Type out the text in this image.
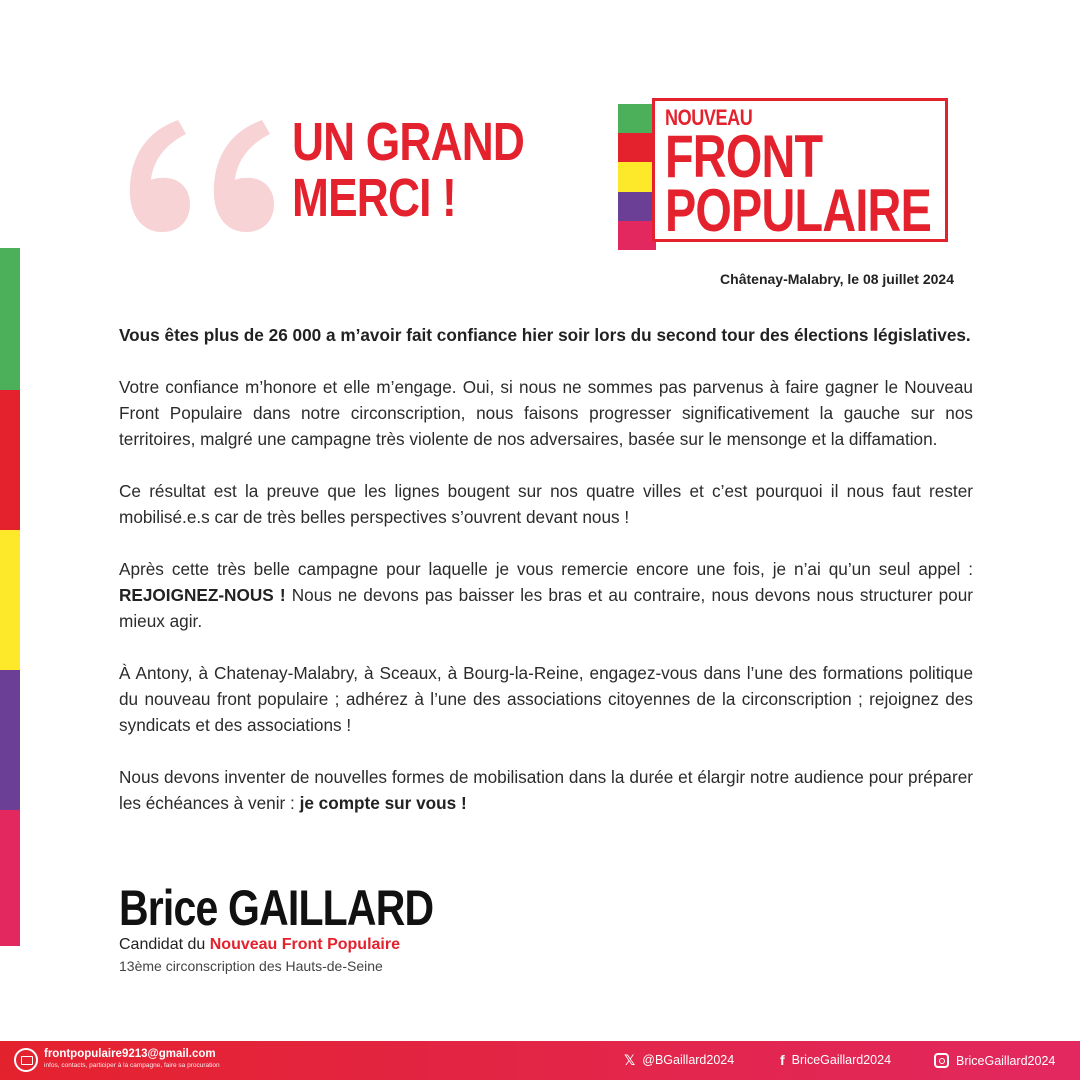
UN GRAND
MERCI !
NOUVEAU
FRONT
POPULAIRE
Châtenay-Malabry, le 08 juillet 2024

Vous êtes plus de 26 000 a m’avoir fait confiance hier soir lors du second tour des élections législatives.

Votre confiance m’honore et elle m’engage. Oui, si nous ne sommes pas parvenus à faire gagner le Nouveau Front Populaire dans notre circonscription, nous faisons progresser significativement la gauche sur nos territoires, malgré une campagne très violente de nos adversaires, basée sur le mensonge et la diffamation.

Ce résultat est la preuve que les lignes bougent sur nos quatre villes et c’est pourquoi il nous faut rester mobilisé.e.s car de très belles perspectives s’ouvrent devant nous !

Après cette très belle campagne pour laquelle je vous remercie encore une fois, je n’ai qu’un seul appel : REJOIGNEZ-NOUS ! Nous ne devons pas baisser les bras et au contraire, nous devons nous structurer pour mieux agir.

À Antony, à Chatenay-Malabry, à Sceaux, à Bourg-la-Reine, engagez-vous dans l’une des formations politique du nouveau front populaire ; adhérez à l’une des associations citoyennes de la circonscription ; rejoignez des syndicats et des associations !

Nous devons inventer de nouvelles formes de mobilisation dans la durée et élargir notre audience pour préparer les échéances à venir : je compte sur vous !

Brice GAILLARD
Candidat du Nouveau Front Populaire
13ème circonscription des Hauts-de-Seine
frontpopulaire9213@gmail.com
infos, contacts, participer à la campagne, faire sa procuration	𝕏 @BGaillard2024	f BriceGaillard2024	BriceGaillard2024
